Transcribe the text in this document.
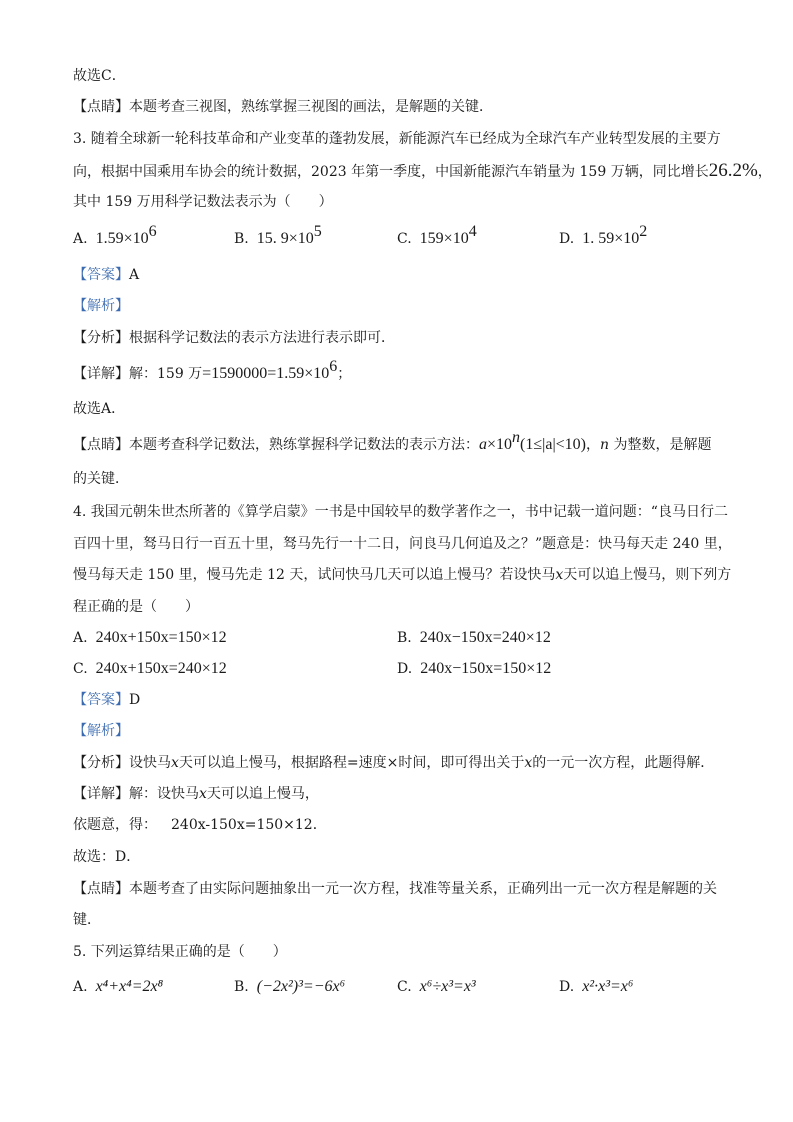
故选C．
【点睛】本题考查三视图，熟练掌握三视图的画法，是解题的关键．
3. 随着全球新一轮科技革命和产业变革的蓬勃发展，新能源汽车已经成为全球汽车产业转型发展的主要方
向，根据中国乘用车协会的统计数据，2023 年第一季度，中国新能源汽车销量为 159 万辆，同比增长26.2%，
其中 159 万用科学记数法表示为（　　）
A. $1.59\times 10^6$	B. 15. $9\times 10^5$	C. $159\times 10^4$	D. 1. $59\times 10^2$
【答案】A
【解析】
【分析】根据科学记数法的表示方法进行表示即可．
【详解】解：159 万$=1590000=1.59\times 10^6$；
故选A．
【点睛】本题考查科学记数法，熟练掌握科学记数法的表示方法：$a\times 10^n(1\le|a|<10)$，n 为整数，是解题
的关键．
4. 我国元朝朱世杰所著的《算学启蒙》一书是中国较早的数学著作之一，书中记载一道问题：“良马日行二
百四十里，驽马日行一百五十里，驽马先行一十二日，问良马几何追及之？”题意是：快马每天走 240 里，
慢马每天走 150 里，慢马先走 12 天，试问快马几天可以追上慢马？若设快马x天可以追上慢马，则下列方
程正确的是（　　）
A. 240x+150x=150×12	B. 240x−150x=240×12
C. 240x+150x=240×12	D. 240x−150x=150×12
【答案】D
【解析】
【分析】设快马x天可以追上慢马，根据路程=速度×时间，即可得出关于x的一元一次方程，此题得解．
【详解】解：设快马x天可以追上慢马，
依题意，得： 240x-150x=150×12．
故选：D．
【点睛】本题考查了由实际问题抽象出一元一次方程，找准等量关系，正确列出一元一次方程是解题的关
键．
5. 下列运算结果正确的是（　　）
A. x⁴+x⁴=2x⁸	B. (−2x²)³=−6x⁶	C. x⁶÷x³=x³	D. x²·x³=x⁶
